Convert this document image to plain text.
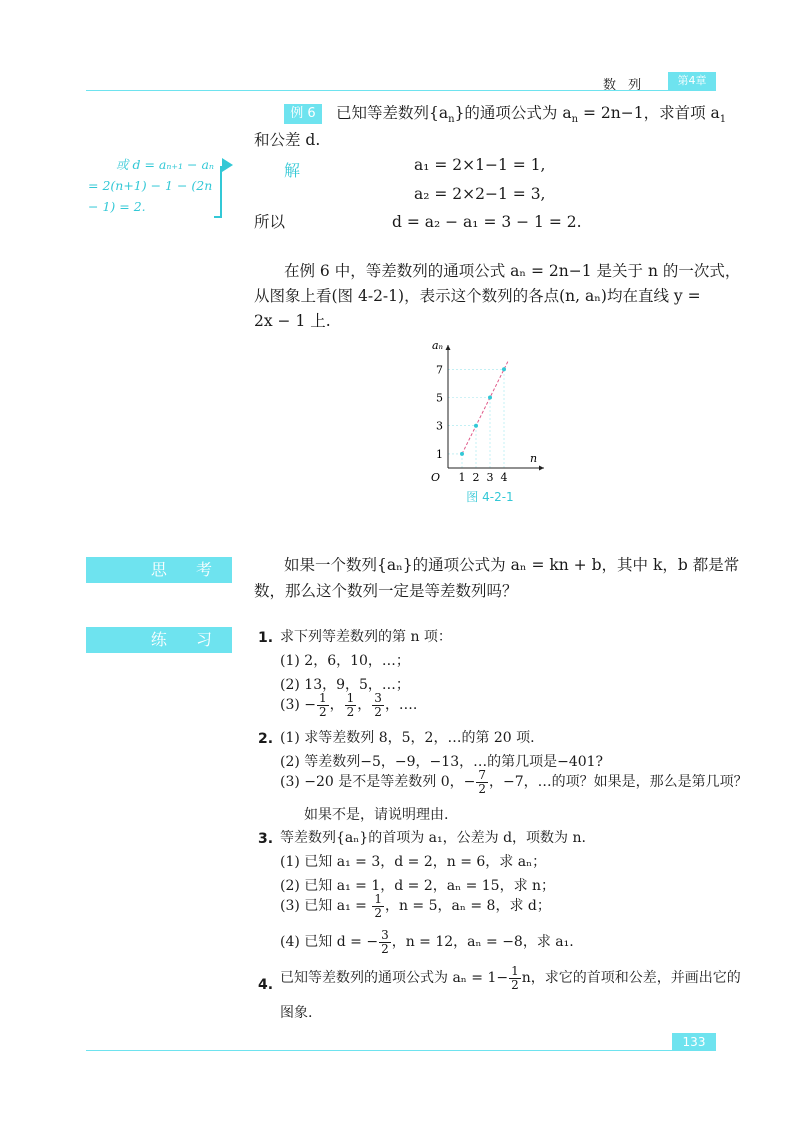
数 列	第4章
例 6	已知等差数列$\{a_n\}$的通项公式为 $a_n = 2n-1$，求首项 $a_1$
和公差 d.
解	a₁ = 2×1−1 = 1,
a₂ = 2×2−1 = 3,
所以	d = a₂ − a₁ = 3 − 1 = 2.
或 d = aₙ₊₁ − aₙ
= 2(n+1) − 1 − (2n
− 1) = 2.
在例 6 中，等差数列的通项公式 aₙ = 2n−1 是关于 n 的一次式，
从图象上看(图 4-2-1)，表示这个数列的各点(n, aₙ)均在直线 y =
2x − 1 上.
1 2 3 4
1
3
5
7
O
n
aₙ
图 4-2-1
思 考	如果一个数列{aₙ}的通项公式为 aₙ = kn + b，其中 k，b 都是常
数，那么这个数列一定是等差数列吗？
练 习	1. 求下列等差数列的第 n 项：
(1) 2，6，10，…；
(2) 13，9，5，…；
$(3) - \frac{1}{2}$ ， $\frac{1}{2}$ ， $\frac{3}{2}$ ，….
2. (1) 求等差数列 8，5，2，…的第 20 项.
(2) 等差数列−5，−9，−13，…的第几项是−401?
(3) −20 是不是等差数列 0，− $\frac{7}{2}$ ，−7，…的项？如果是，那么是第几项？
如果不是，请说明理由.
3. 等差数列{aₙ}的首项为 a₁，公差为 d，项数为 n.
(1) 已知 a₁ = 3，d = 2，n = 6，求 aₙ；
(2) 已知 a₁ = 1，d = 2，aₙ = 15，求 n；
(3) 已知 $a_1 = \frac{1}{2}$ ，n = 5，aₙ = 8，求 d；
(4) 已知 d = − $\frac{3}{2}$ ，n = 12，aₙ = −8，求 a₁.
4. 已知等差数列的通项公式为 $a_n = 1- \frac{1}{2}$ n，求它的首项和公差，并画出它的
图象.
133
